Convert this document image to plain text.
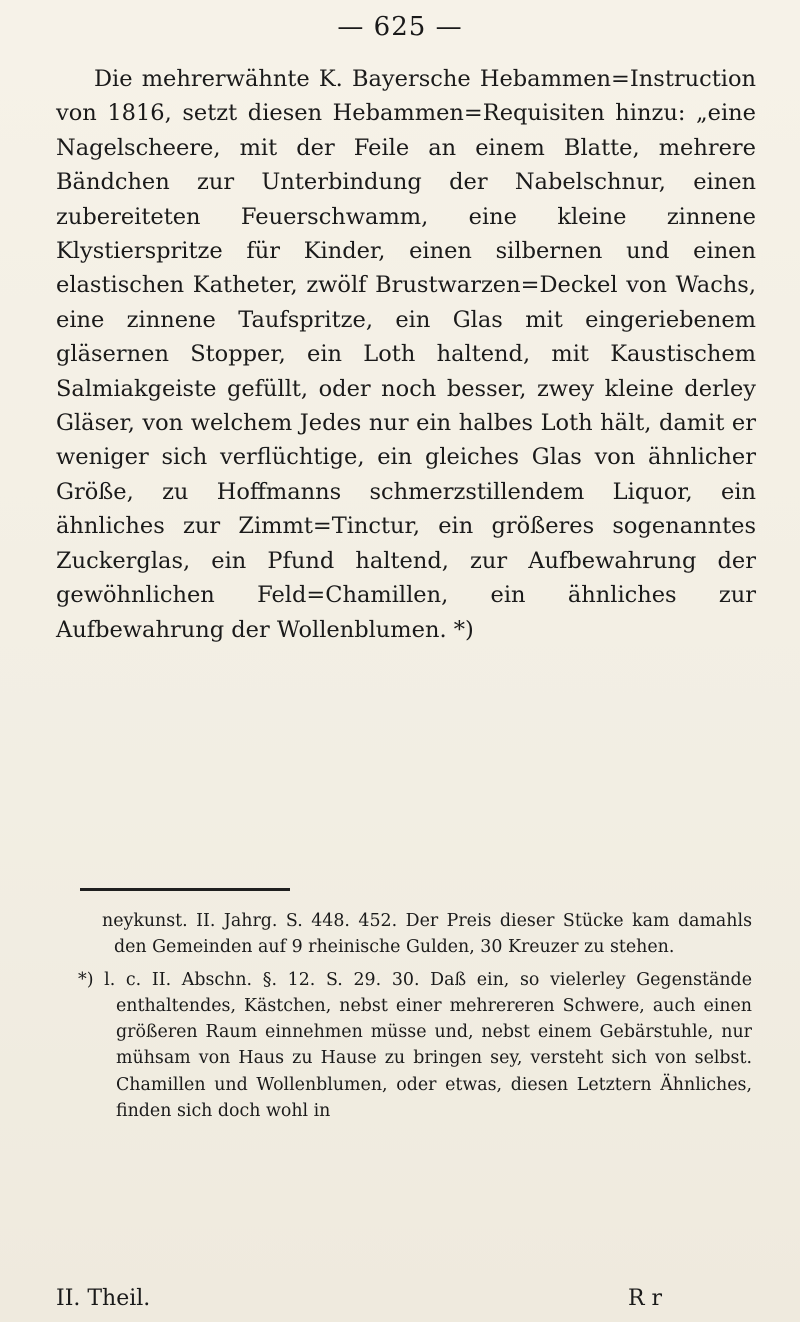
— 625 —
Die mehrerwähnte K. Bayersche Hebammen=Instruction von 1816, setzt diesen Hebammen=Requisiten hinzu: „eine Nagelscheere, mit der Feile an einem Blatte, mehrere Bändchen zur Unterbindung der Nabelschnur, einen zubereiteten Feuerschwamm, eine kleine zinnene Klystierspritze für Kinder, einen silbernen und einen elastischen Katheter, zwölf Brustwarzen=Deckel von Wachs, eine zinnene Taufspritze, ein Glas mit eingeriebenem gläsernen Stopper, ein Loth haltend, mit Kaustischem Salmiakgeiste gefüllt, oder noch besser, zwey kleine derley Gläser, von welchem Jedes nur ein halbes Loth hält, damit er weniger sich verflüchtige, ein gleiches Glas von ähnlicher Größe, zu Hoffmanns schmerzstillendem Liquor, ein ähnliches zur Zimmt=Tinctur, ein größeres sogenanntes Zuckerglas, ein Pfund haltend, zur Aufbewahrung der gewöhnlichen Feld=Chamillen, ein ähnliches zur Aufbewahrung der Wollenblumen. *)

neykunst. II. Jahrg. S. 448. 452. Der Preis dieser Stücke kam damahls den Gemeinden auf 9 rheinische Gulden, 30 Kreuzer zu stehen.

*) l. c. II. Abschn. §. 12. S. 29. 30. Daß ein, so vielerley Gegenstände enthaltendes, Kästchen, nebst einer mehrereren Schwere, auch einen größeren Raum einnehmen müsse und, nebst einem Gebärstuhle, nur mühsam von Haus zu Hause zu bringen sey, versteht sich von selbst. Chamillen und Wollenblumen, oder etwas, diesen Letztern Ähnliches, finden sich doch wohl in

II. Theil.	R r
